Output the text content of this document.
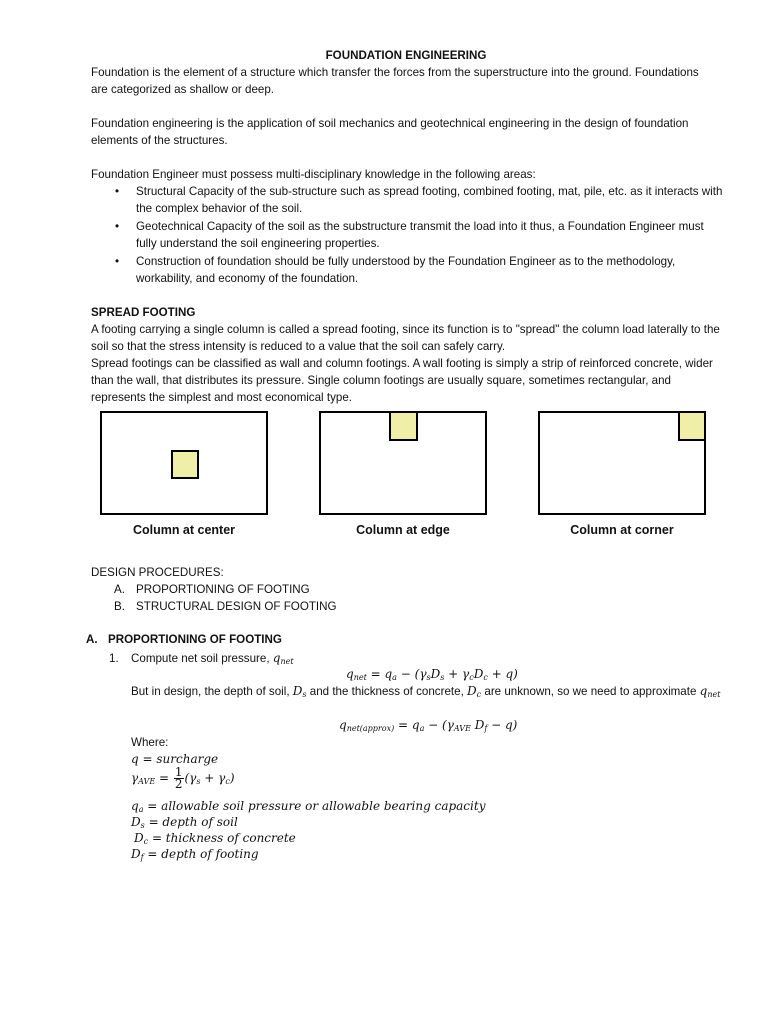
FOUNDATION ENGINEERING
Foundation is the element of a structure which transfer the forces from the superstructure into the ground. Foundations
are categorized as shallow or deep.
Foundation engineering is the application of soil mechanics and geotechnical engineering in the design of foundation
elements of the structures.
Foundation Engineer must possess multi-disciplinary knowledge in the following areas:
• Structural Capacity of the sub-structure such as spread footing, combined footing, mat, pile, etc. as it interacts with
the complex behavior of the soil.
• Geotechnical Capacity of the soil as the substructure transmit the load into it thus, a Foundation Engineer must
fully understand the soil engineering properties.
• Construction of foundation should be fully understood by the Foundation Engineer as to the methodology,
workability, and economy of the foundation.
SPREAD FOOTING
A footing carrying a single column is called a spread footing, since its function is to "spread" the column load laterally to the
soil so that the stress intensity is reduced to a value that the soil can safely carry.
Spread footings can be classified as wall and column footings. A wall footing is simply a strip of reinforced concrete, wider
than the wall, that distributes its pressure. Single column footings are usually square, sometimes rectangular, and
represents the simplest and most economical type.
Column at center	Column at edge	Column at corner
DESIGN PROCEDURES:
A. PROPORTIONING OF FOOTING
B. STRUCTURAL DESIGN OF FOOTING
A. PROPORTIONING OF FOOTING
1. Compute net soil pressure, $q_{net}$
$q_{net} = q_a - (\gamma_sD_s + \gamma_cD_c + q)$
But in design, the depth of soil, $D_s$ and the thickness of concrete, $D_c$ are unknown, so we need to approximate $q_{net}$
$q_{net(approx)} = q_a - (\gamma_{AVE}$ $D_f - q$)
Where:
q = surcharge
$\gamma_{AVE} = \frac{1}{2} (\gamma_s + \gamma_c)$
$q_a$ = allowable soil pressure or allowable bearing capacity
$D_s$ = depth of soil
$D_c$ = thickness of concrete
$D_f$ = depth of footing
